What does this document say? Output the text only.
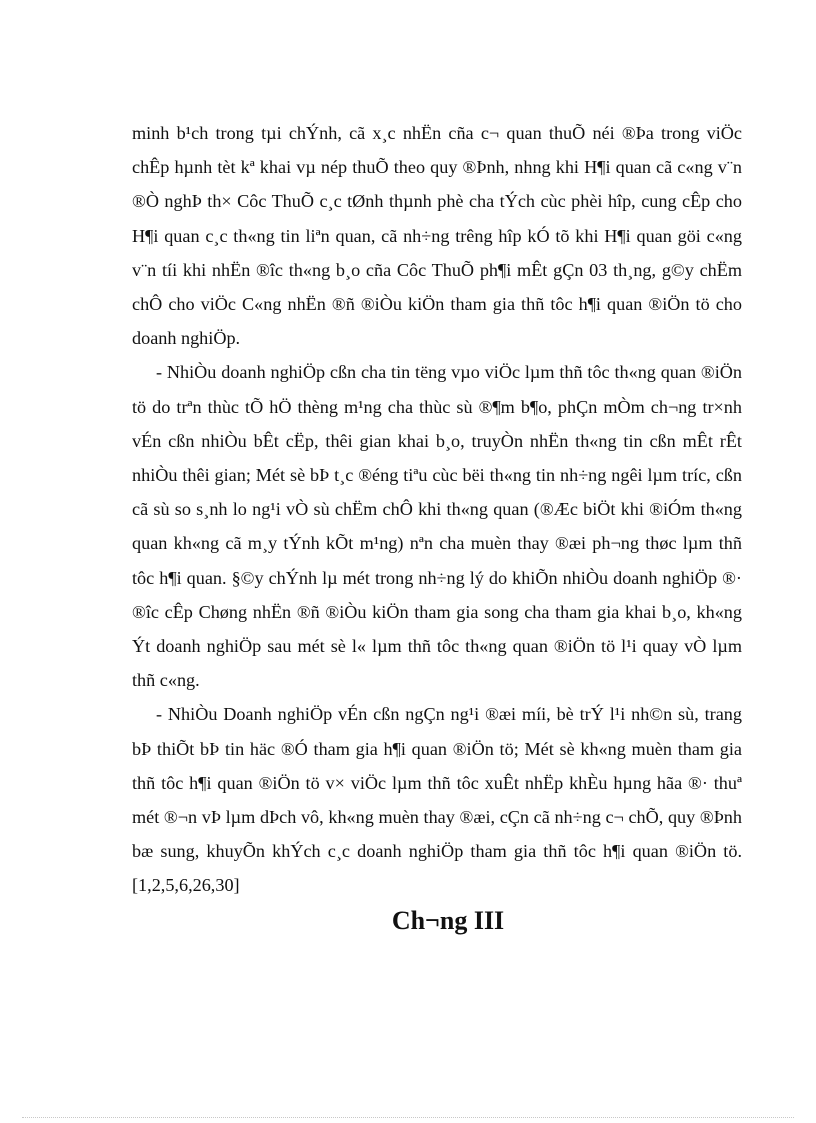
minh b¹ch trong tµi chÝnh, cã x¸c nhËn cña c¬ quan thuÕ néi ®Þa trong viÖc chÊp hµnh tèt kª khai vµ nép thuÕ theo quy ®Þnh, nhng khi H¶i quan cã c«ng v¨n ®Ò nghÞ th× Côc ThuÕ c¸c tØnh thµnh phè cha tÝch cùc phèi hîp, cung cÊp cho H¶i quan c¸c th«ng tin liªn quan, cã nh÷ng trêng hîp kÓ tõ khi H¶i quan göi c«ng v¨n tíi khi nhËn ®îc th«ng b¸o cña Côc ThuÕ ph¶i mÊt gÇn 03 th¸ng, g©y chËm chÔ cho viÖc C«ng nhËn ®ñ ®iÒu kiÖn tham gia thñ tôc h¶i quan ®iÖn tö cho doanh nghiÖp.

- NhiÒu doanh nghiÖp cßn cha tin tëng vµo viÖc lµm thñ tôc th«ng quan ®iÖn tö do trªn thùc tÕ hÖ thèng m¹ng cha thùc sù ®¶m b¶o, phÇn mÒm ch¬ng tr×nh vÉn cßn nhiÒu bÊt cËp, thêi gian khai b¸o, truyÒn nhËn th«ng tin cßn mÊt rÊt nhiÒu thêi gian; Mét sè bÞ t¸c ®éng tiªu cùc bëi th«ng tin nh÷ng ngêi lµm tríc, cßn cã sù so s¸nh lo ng¹i vÒ sù chËm chÔ khi th«ng quan (®Æc biÖt khi ®iÓm th«ng quan kh«ng cã m¸y tÝnh kÕt m¹ng) nªn cha muèn thay ®æi ph¬ng thøc lµm thñ tôc h¶i quan. §©y chÝnh lµ mét trong nh÷ng lý do khiÕn nhiÒu doanh nghiÖp ®· ®îc cÊp Chøng nhËn ®ñ ®iÒu kiÖn tham gia song cha tham gia khai b¸o, kh«ng Ýt doanh nghiÖp sau mét sè l« lµm thñ tôc th«ng quan ®iÖn tö l¹i quay vÒ lµm thñ c«ng.

- NhiÒu Doanh nghiÖp vÉn cßn ngÇn ng¹i ®æi míi, bè trÝ l¹i nh©n sù, trang bÞ thiÕt bÞ tin häc ®Ó tham gia h¶i quan ®iÖn tö; Mét sè kh«ng muèn tham gia thñ tôc h¶i quan ®iÖn tö v× viÖc lµm thñ tôc xuÊt nhËp khÈu hµng hãa ®· thuª mét ®¬n vÞ lµm dÞch vô, kh«ng muèn thay ®æi, cÇn cã nh÷ng c¬ chÕ, quy ®Þnh bæ sung, khuyÕn khÝch c¸c doanh nghiÖp tham gia thñ tôc h¶i quan ®iÖn tö. [1,2,5,6,26,30]

Ch¬ng III
